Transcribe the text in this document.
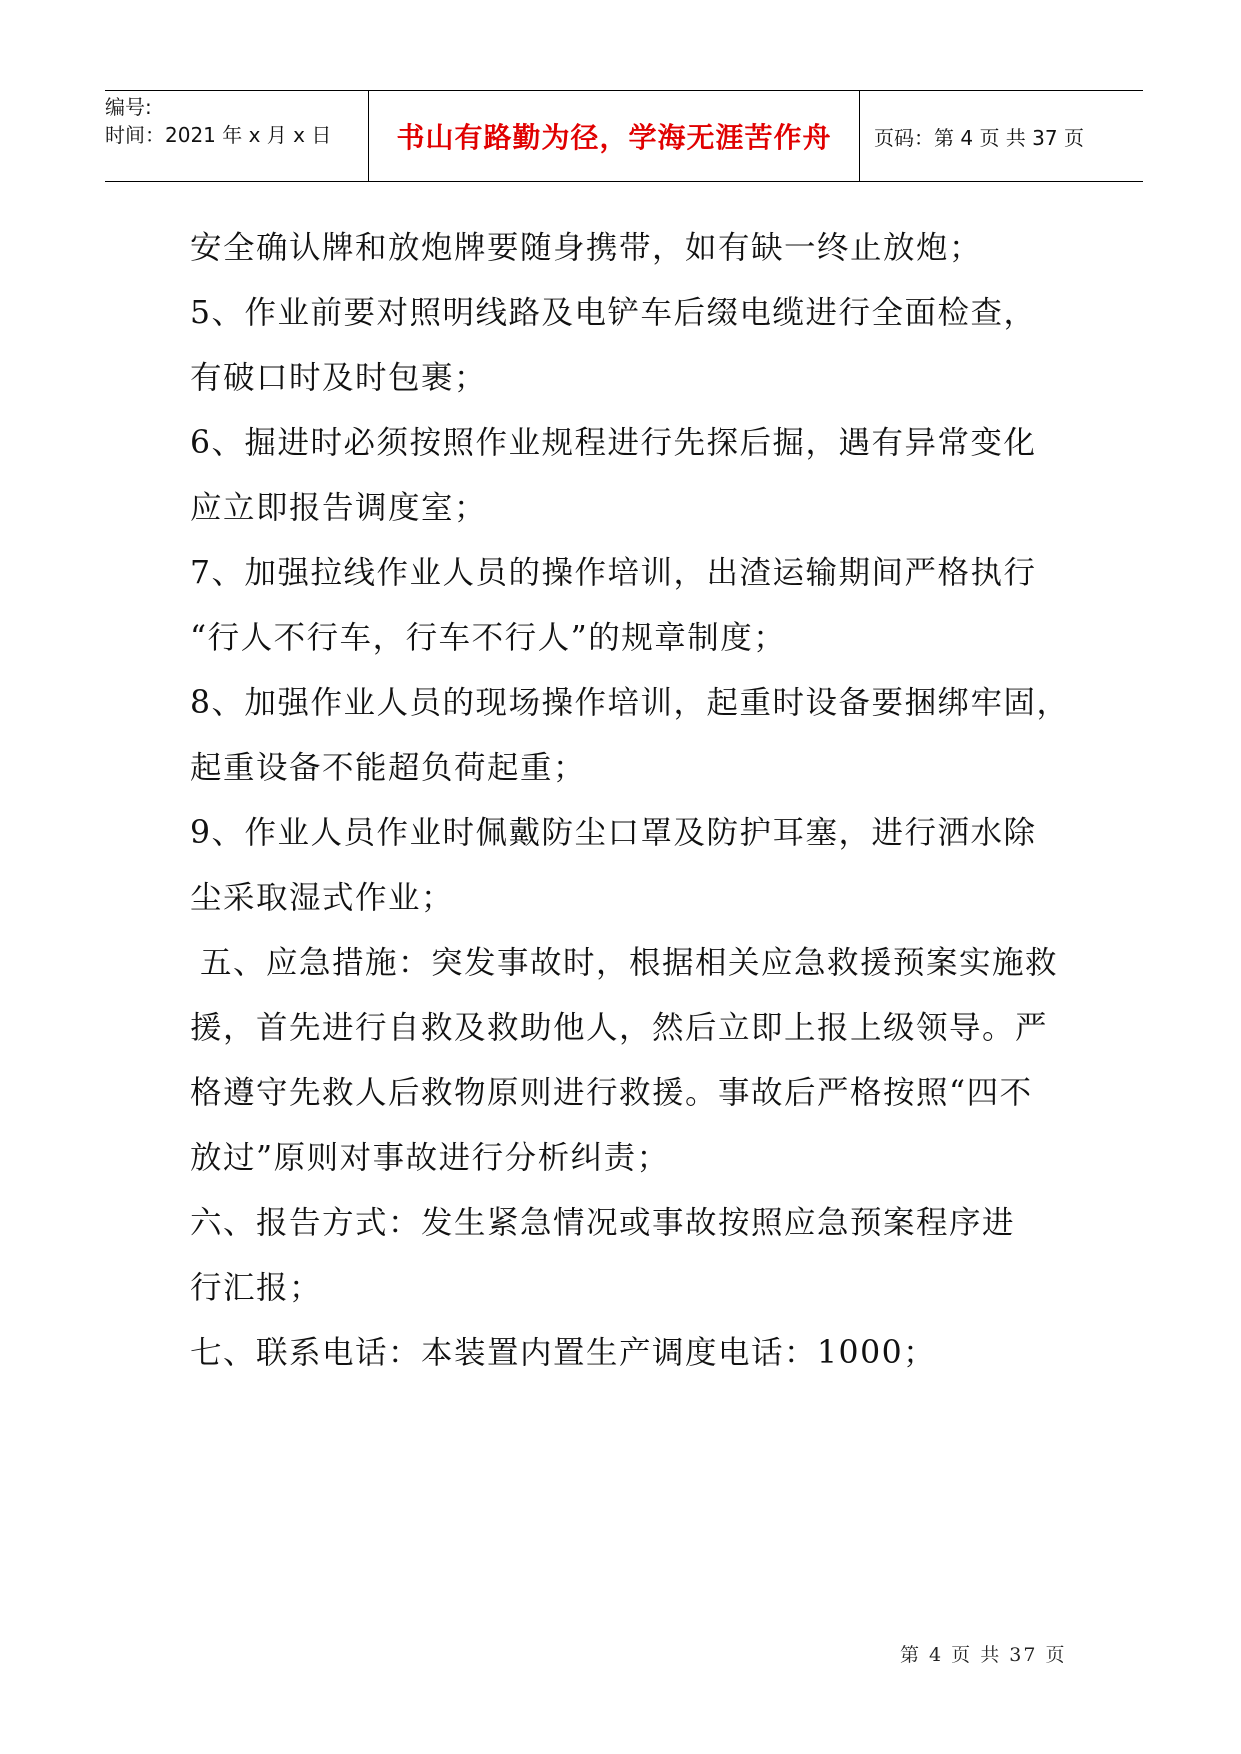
编号:
时间：2021 年 x 月 x 日	书山有路勤为径，学海无涯苦作舟	页码：第 4 页 共 37 页

安全确认牌和放炮牌要随身携带，如有缺一终止放炮；

5、作业前要对照明线路及电铲车后缀电缆进行全面检查，

有破口时及时包裹；

6、掘进时必须按照作业规程进行先探后掘，遇有异常变化

应立即报告调度室；

7、加强拉线作业人员的操作培训，出渣运输期间严格执行

“行人不行车，行车不行人”的规章制度；

8、加强作业人员的现场操作培训，起重时设备要捆绑牢固，

起重设备不能超负荷起重；

9、作业人员作业时佩戴防尘口罩及防护耳塞，进行洒水除

尘采取湿式作业；

五、应急措施：突发事故时，根据相关应急救援预案实施救

援，首先进行自救及救助他人，然后立即上报上级领导。严

格遵守先救人后救物原则进行救援。事故后严格按照“四不

放过”原则对事故进行分析纠责；

六、报告方式：发生紧急情况或事故按照应急预案程序进

行汇报；

七、联系电话：本装置内置生产调度电话：1000；

第 4 页 共 37 页
